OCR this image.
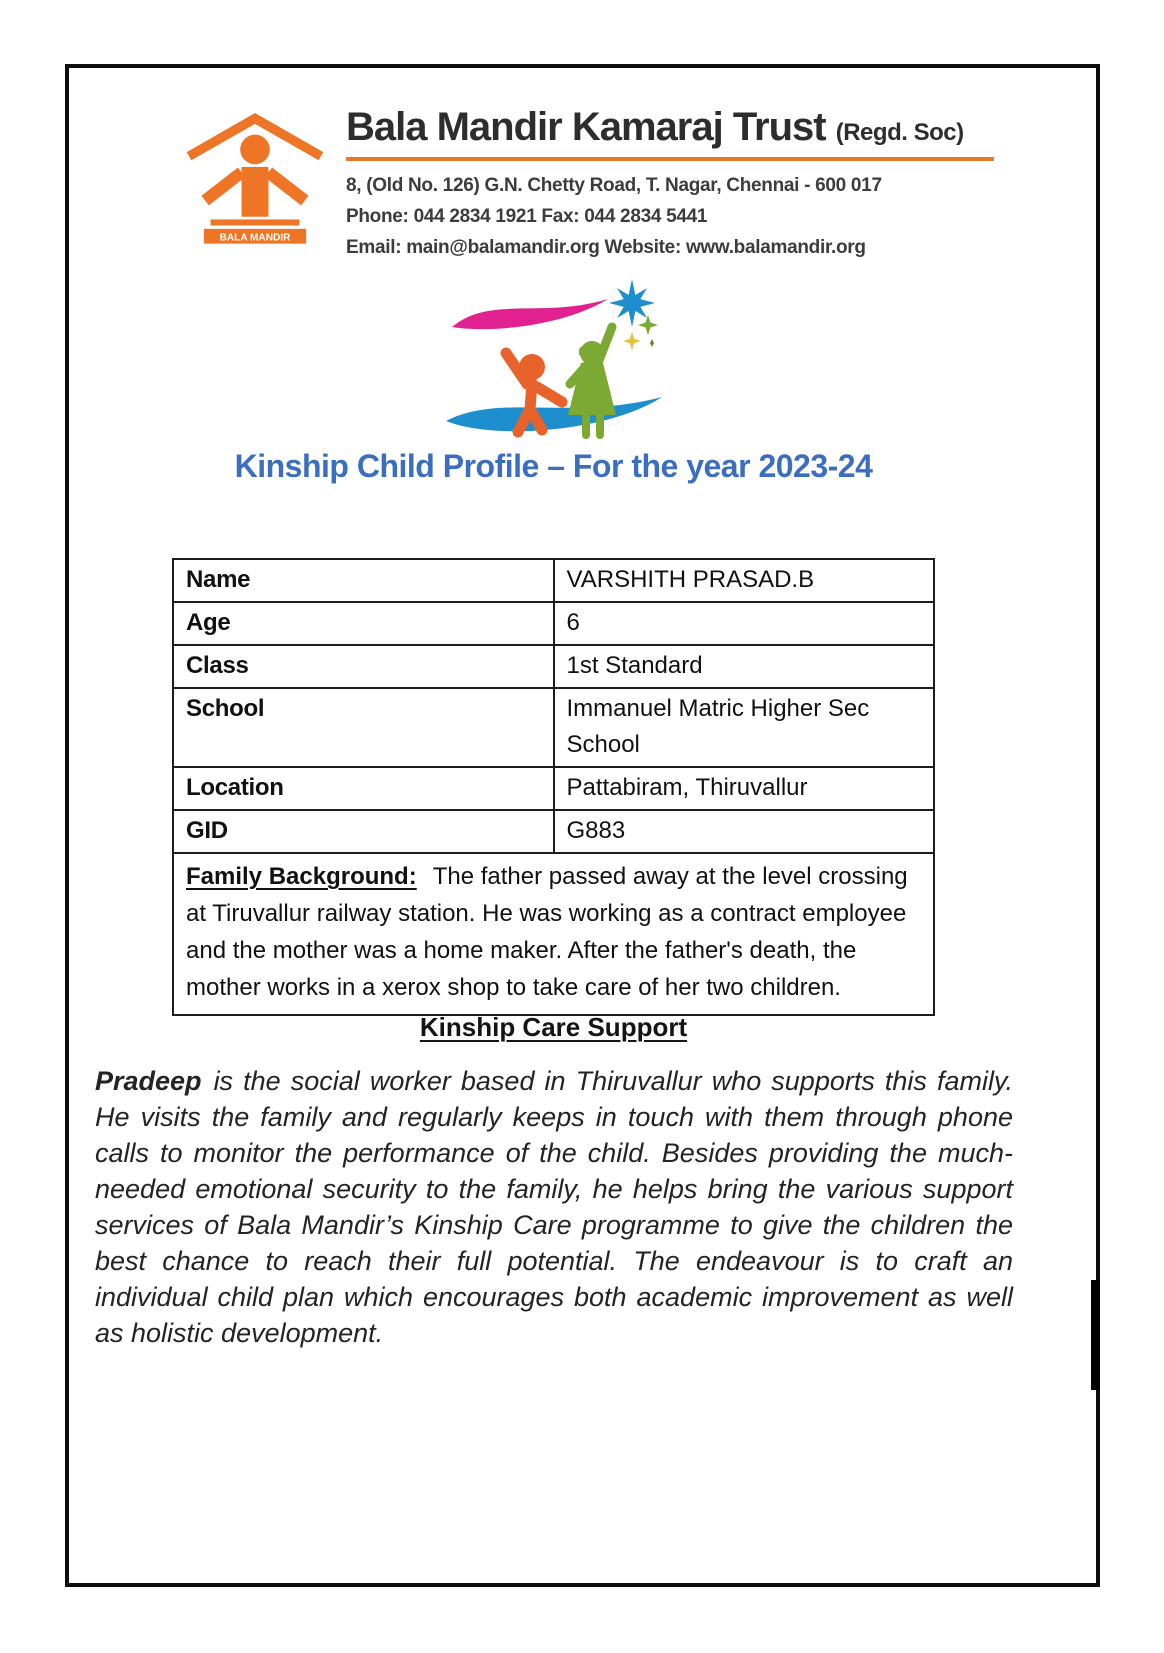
BALA MANDIR
Bala Mandir Kamaraj Trust (Regd. Soc)
8, (Old No. 126) G.N. Chetty Road, T. Nagar, Chennai - 600 017
Phone: 044 2834 1921 Fax: 044 2834 5441
Email: main@balamandir.org Website: www.balamandir.org
Kinship Child Profile – For the year 2023-24
Name	VARSHITH PRASAD.B
Age	6
Class	1st Standard
School	Immanuel Matric Higher Sec School
Location	Pattabiram, Thiruvallur
GID	G883
Family Background: The father passed away at the level crossing at Tiruvallur railway station. He was working as a contract employee and the mother was a home maker. After the father's death, the mother works in a xerox shop to take care of her two children.	
Kinship Care Support

Pradeep is the social worker based in Thiruvallur who supports this family. He visits the family and regularly keeps in touch with them through phone calls to monitor the performance of the child. Besides providing the much-needed emotional security to the family, he helps bring the various support services of Bala Mandir’s Kinship Care programme to give the children the best chance to reach their full potential. The endeavour is to craft an individual child plan which encourages both academic improvement as well as holistic development.
